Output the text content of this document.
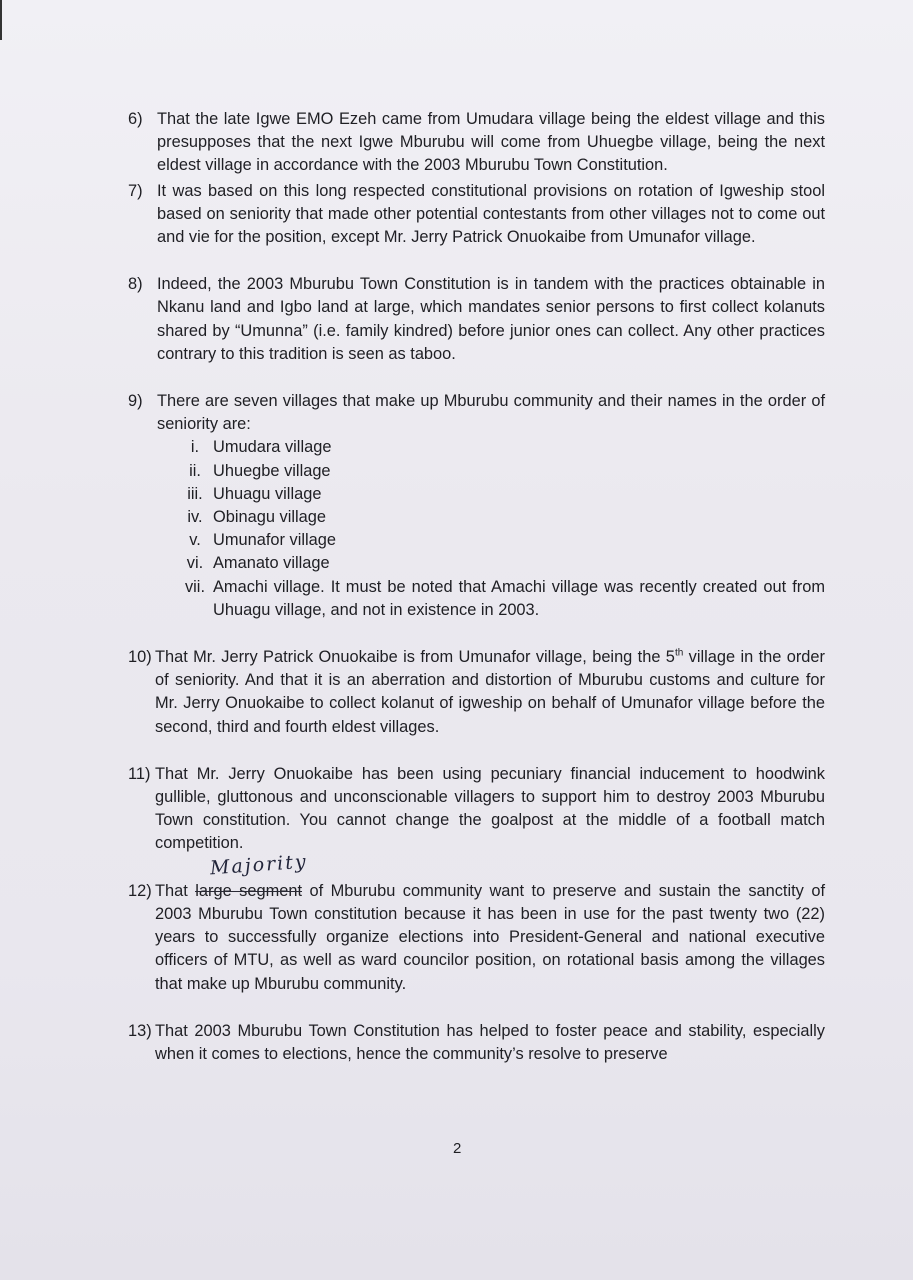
6) That the late Igwe EMO Ezeh came from Umudara village being the eldest village and this presupposes that the next Igwe Mburubu will come from Uhuegbe village, being the next eldest village in accordance with the 2003 Mburubu Town Constitution.
7) It was based on this long respected constitutional provisions on rotation of Igweship stool based on seniority that made other potential contestants from other villages not to come out and vie for the position, except Mr. Jerry Patrick Onuokaibe from Umunafor village.
8) Indeed, the 2003 Mburubu Town Constitution is in tandem with the practices obtainable in Nkanu land and Igbo land at large, which mandates senior persons to first collect kolanuts shared by “Umunna” (i.e. family kindred) before junior ones can collect. Any other practices contrary to this tradition is seen as taboo.
9) There are seven villages that make up Mburubu community and their names in the order of seniority are:
i. Umudara village
ii. Uhuegbe village
iii. Uhuagu village
iv. Obinagu village
v. Umunafor village
vi. Amanato village
vii. Amachi village. It must be noted that Amachi village was recently created out from Uhuagu village, and not in existence in 2003.
10) That Mr. Jerry Patrick Onuokaibe is from Umunafor village, being the 5th village in the order of seniority. And that it is an aberration and distortion of Mburubu customs and culture for Mr. Jerry Onuokaibe to collect kolanut of igweship on behalf of Umunafor village before the second, third and fourth eldest villages.
11) That Mr. Jerry Onuokaibe has been using pecuniary financial inducement to hoodwink gullible, gluttonous and unconscionable villagers to support him to destroy 2003 Mburubu Town constitution. You cannot change the goalpost at the middle of a football match competition.
Majority
12) That large segment of Mburubu community want to preserve and sustain the sanctity of 2003 Mburubu Town constitution because it has been in use for the past twenty two (22) years to successfully organize elections into President-General and national executive officers of MTU, as well as ward councilor position, on rotational basis among the villages that make up Mburubu community.
13) That 2003 Mburubu Town Constitution has helped to foster peace and stability, especially when it comes to elections, hence the community’s resolve to preserve
2
